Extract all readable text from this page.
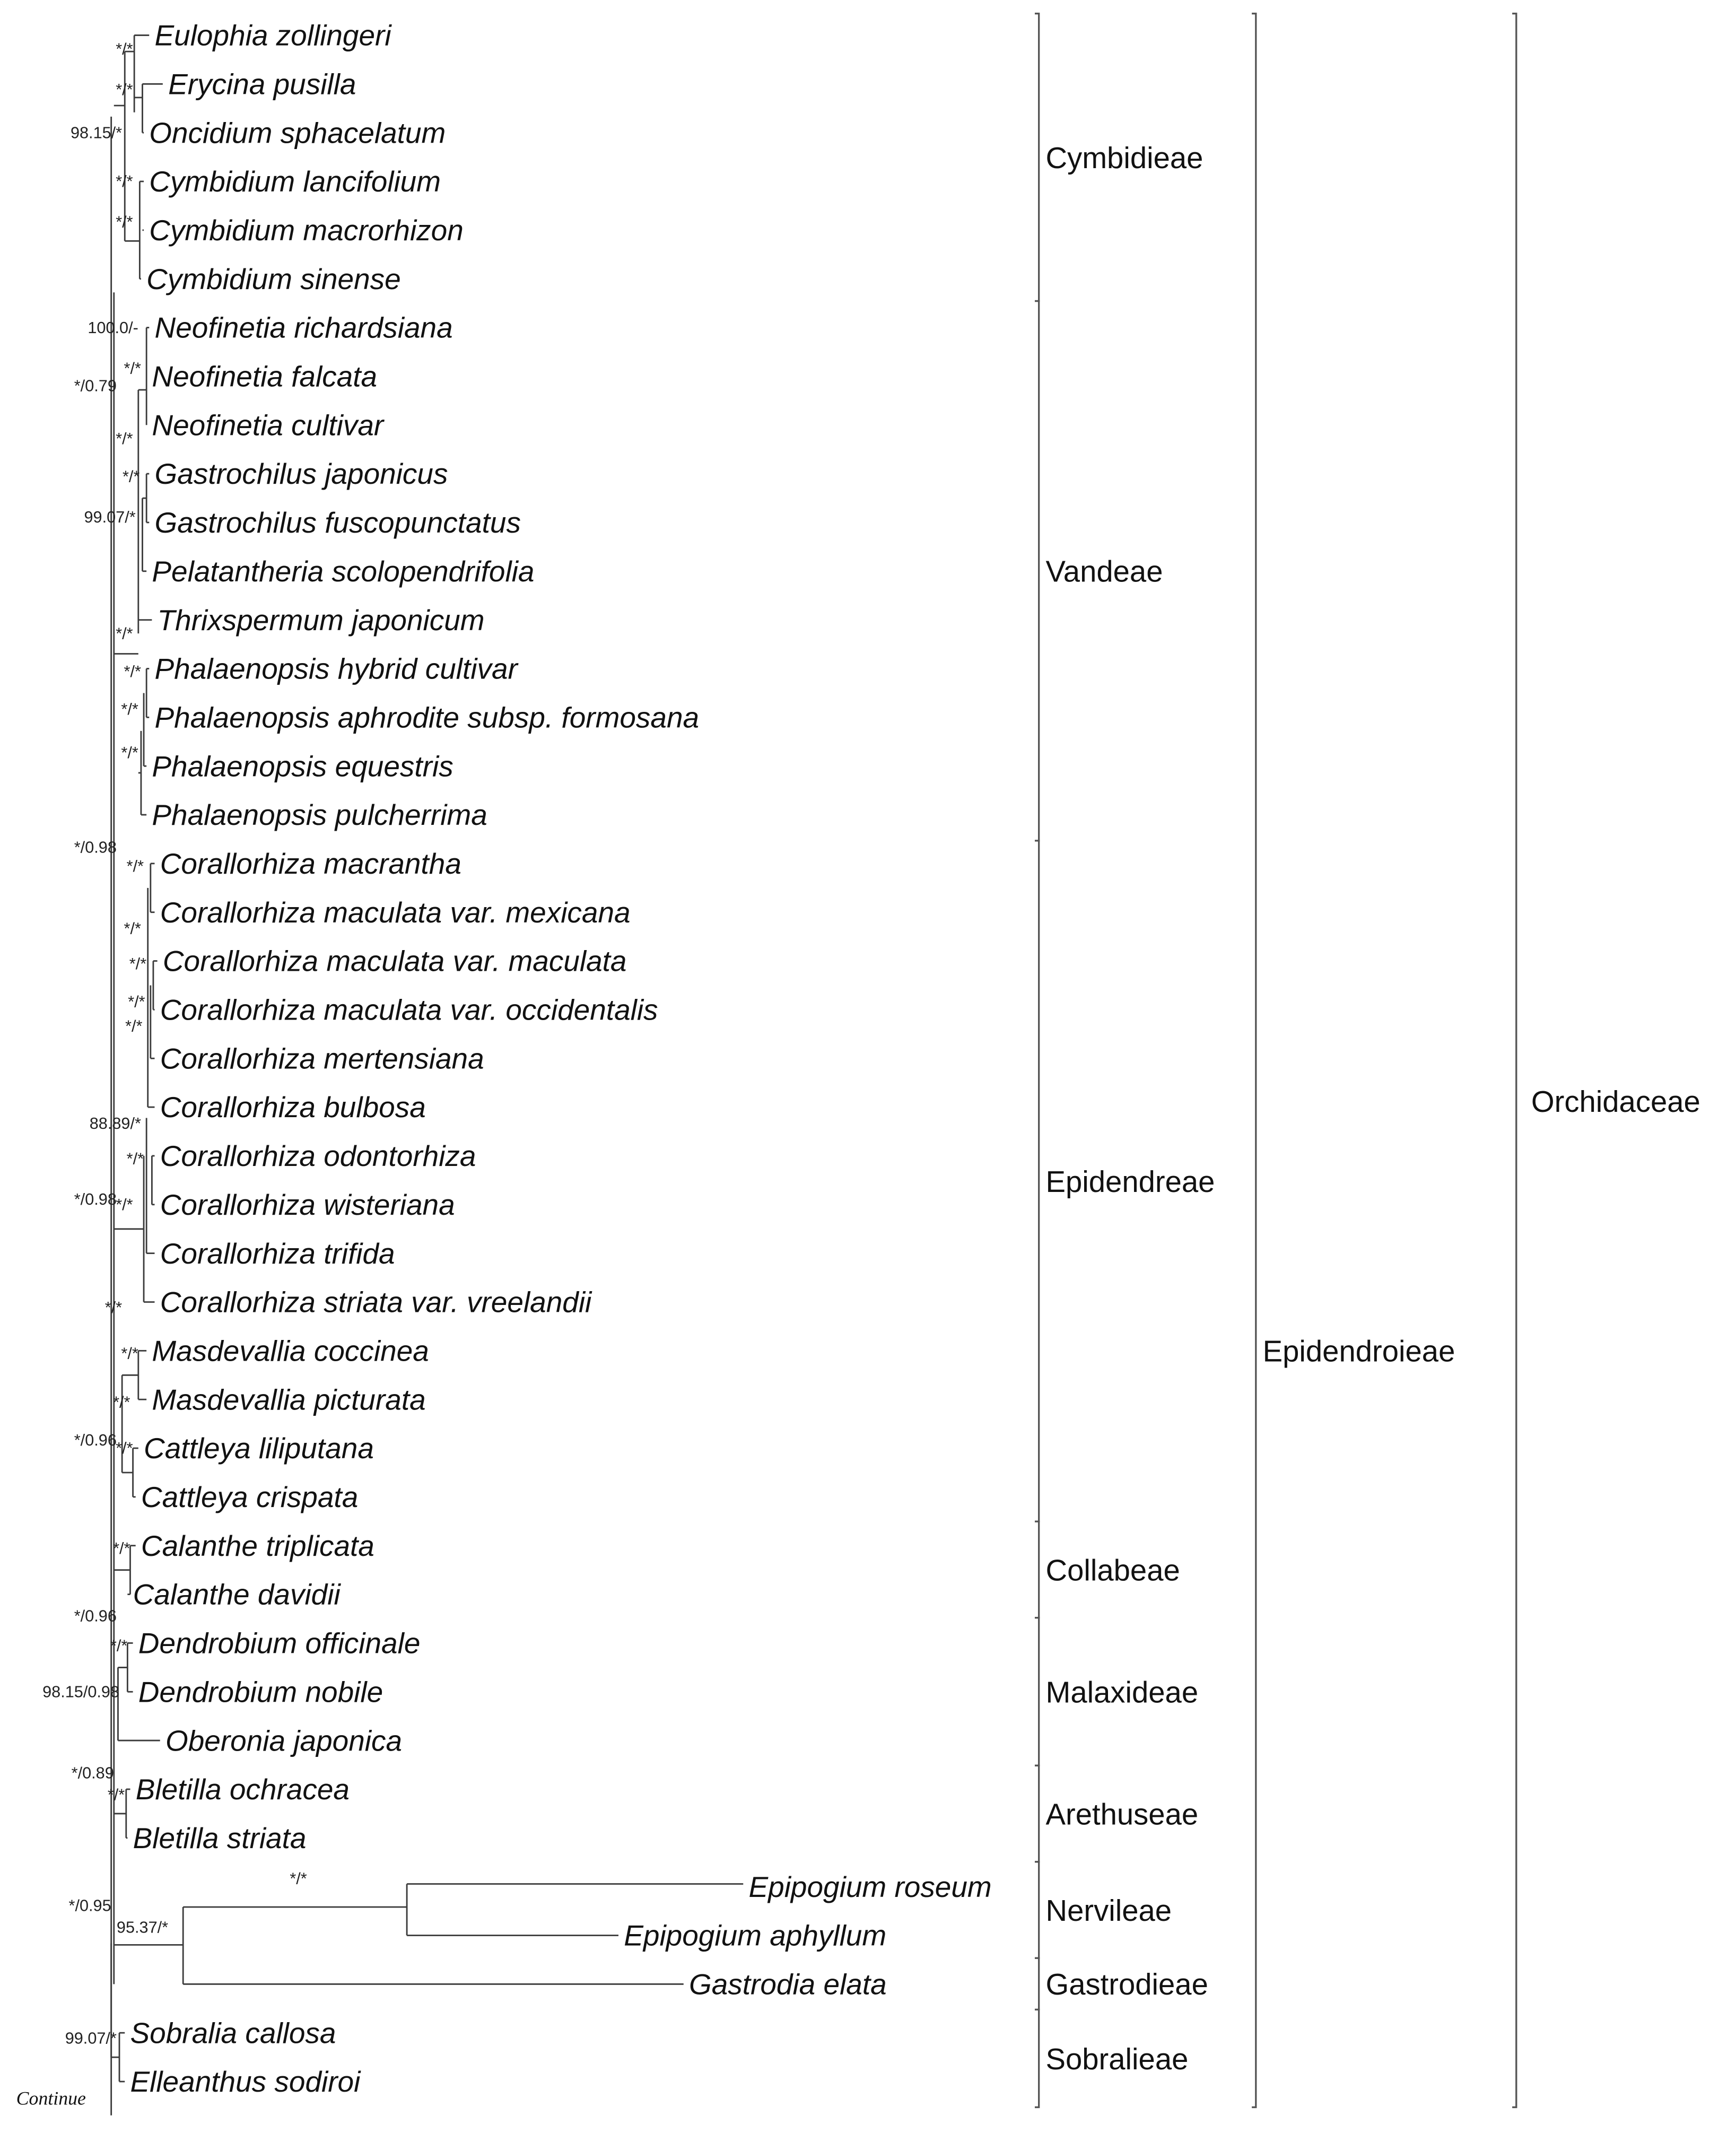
Eulophia zollingeri
Erycina pusilla
Oncidium sphacelatum
Cymbidium lancifolium
Cymbidium macrorhizon
Cymbidium sinense
Neofinetia richardsiana
Neofinetia falcata
Neofinetia cultivar
Gastrochilus japonicus
Gastrochilus fuscopunctatus
Pelatantheria scolopendrifolia
Thrixspermum japonicum
Phalaenopsis hybrid cultivar
Phalaenopsis aphrodite subsp. formosana
Phalaenopsis equestris
Phalaenopsis pulcherrima
Corallorhiza macrantha
Corallorhiza maculata var. mexicana
Corallorhiza maculata var. maculata
Corallorhiza maculata var. occidentalis
Corallorhiza mertensiana
Corallorhiza bulbosa
Corallorhiza odontorhiza
Corallorhiza wisteriana
Corallorhiza trifida
Corallorhiza striata var. vreelandii
Masdevallia coccinea
Masdevallia picturata
Cattleya liliputana
Cattleya crispata
Calanthe triplicata
Calanthe davidii
Dendrobium officinale
Dendrobium nobile
Oberonia japonica
Bletilla ochracea
Bletilla striata
Epipogium roseum
Epipogium aphyllum
Gastrodia elata
Sobralia callosa
Elleanthus sodiroi
*/*
*/*
98.15/*
*/*
*/*
100.0/-
*/*
*/0.79
*/*
*/*
99.07/*
*/*
*/*
*/*
*/*
*/0.98
*/*
*/*
*/*
*/*
*/*
88.89/*
*/*
*/0.98
*/*
*/*
*/*
*/*
*/0.96
*/*
*/*
*/0.96
*/*
98.15/0.98
*/0.89
*/*
*/*
*/0.95
95.37/*
99.07/*
Cymbidieae
Vandeae
Epidendreae
Collabeae
Malaxideae
Arethuseae
Nervileae
Gastrodieae
Sobralieae
Epidendroieae
Orchidaceae
Continue
